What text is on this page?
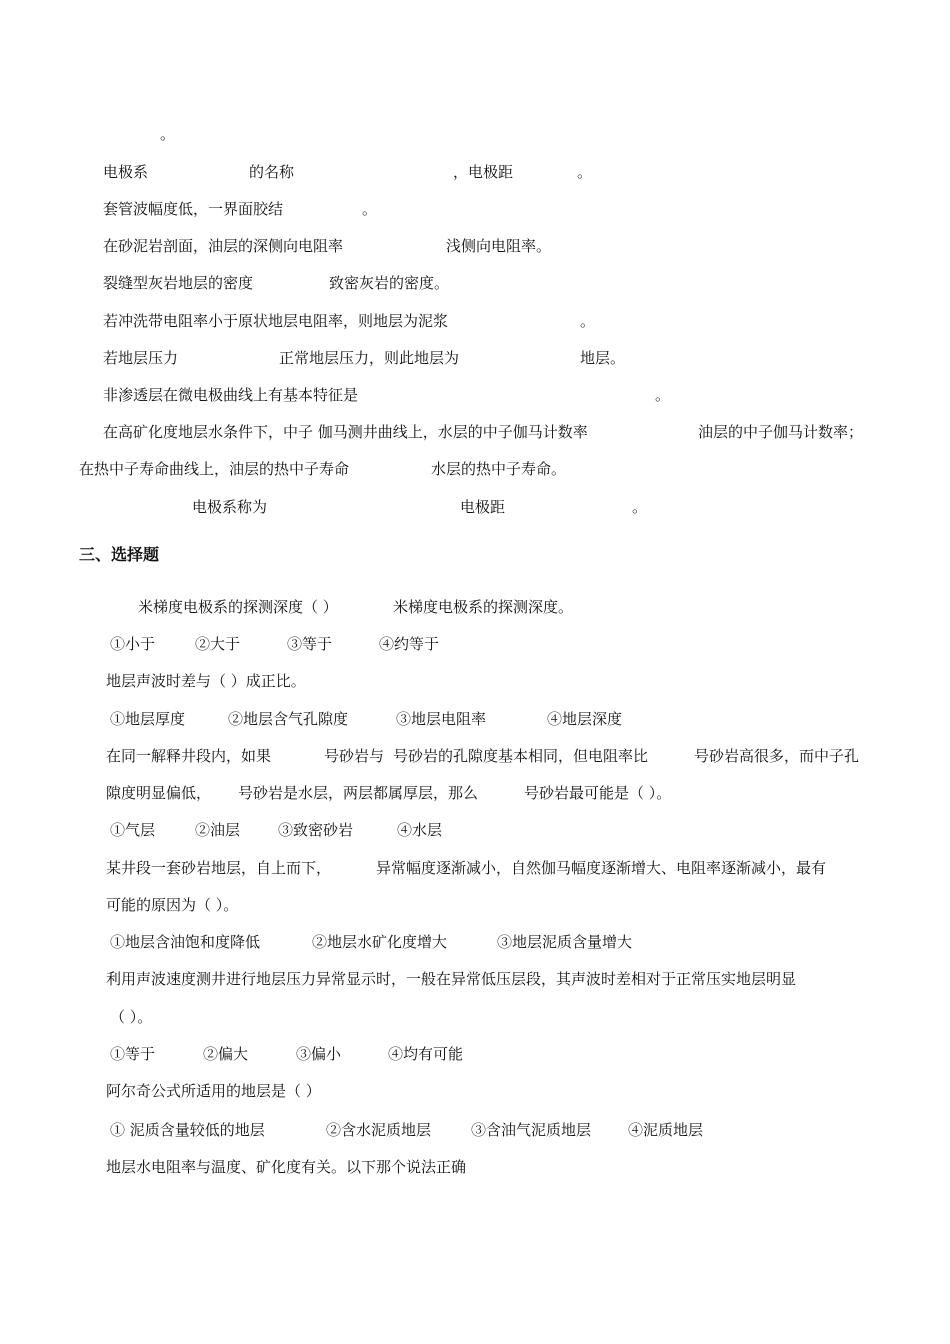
。
电极系	的名称	，电极距	。
套管波幅度低，一界面胶结	。
在砂泥岩剖面，油层的深侧向电阻率	浅侧向电阻率。
裂缝型灰岩地层的密度	致密灰岩的密度。
若冲洗带电阻率小于原状地层电阻率，则地层为泥浆	。
若地层压力	正常地层压力，则此地层为	地层。
非渗透层在微电极曲线上有基本特征是	。
在高矿化度地层水条件下，中子 伽马测井曲线上，水层的中子伽马计数率	油层的中子伽马计数率；
在热中子寿命曲线上，油层的热中子寿命	水层的热中子寿命。
电极系称为	电极距	。
三、选择题
米梯度电极系的探测深度（ ）	米梯度电极系的探测深度。
①小于	②大于	③等于	④约等于
地层声波时差与（ ）成正比。
①地层厚度	②地层含气孔隙度	③地层电阻率	④地层深度
在同一解释井段内，如果	号砂岩与 号砂岩的孔隙度基本相同，但电阻率比	号砂岩高很多，而中子孔
隙度明显偏低， 号砂岩是水层，两层都属厚层，那么	号砂岩最可能是（ ）。
①气层	②油层	③致密砂岩	④水层
某井段一套砂岩地层，自上而下，	异常幅度逐渐减小，自然伽马幅度逐渐增大、电阻率逐渐减小，最有
可能的原因为（ ）。
①地层含油饱和度降低	②地层水矿化度增大	③地层泥质含量增大
利用声波速度测井进行地层压力异常显示时，一般在异常低压层段，其声波时差相对于正常压实地层明显
（ ）。
①等于	②偏大	③偏小	④均有可能
阿尔奇公式所适用的地层是（ ）
① 泥质含量较低的地层	②含水泥质地层	③含油气泥质地层 ④泥质地层
地层水电阻率与温度、矿化度有关。以下那个说法正确
